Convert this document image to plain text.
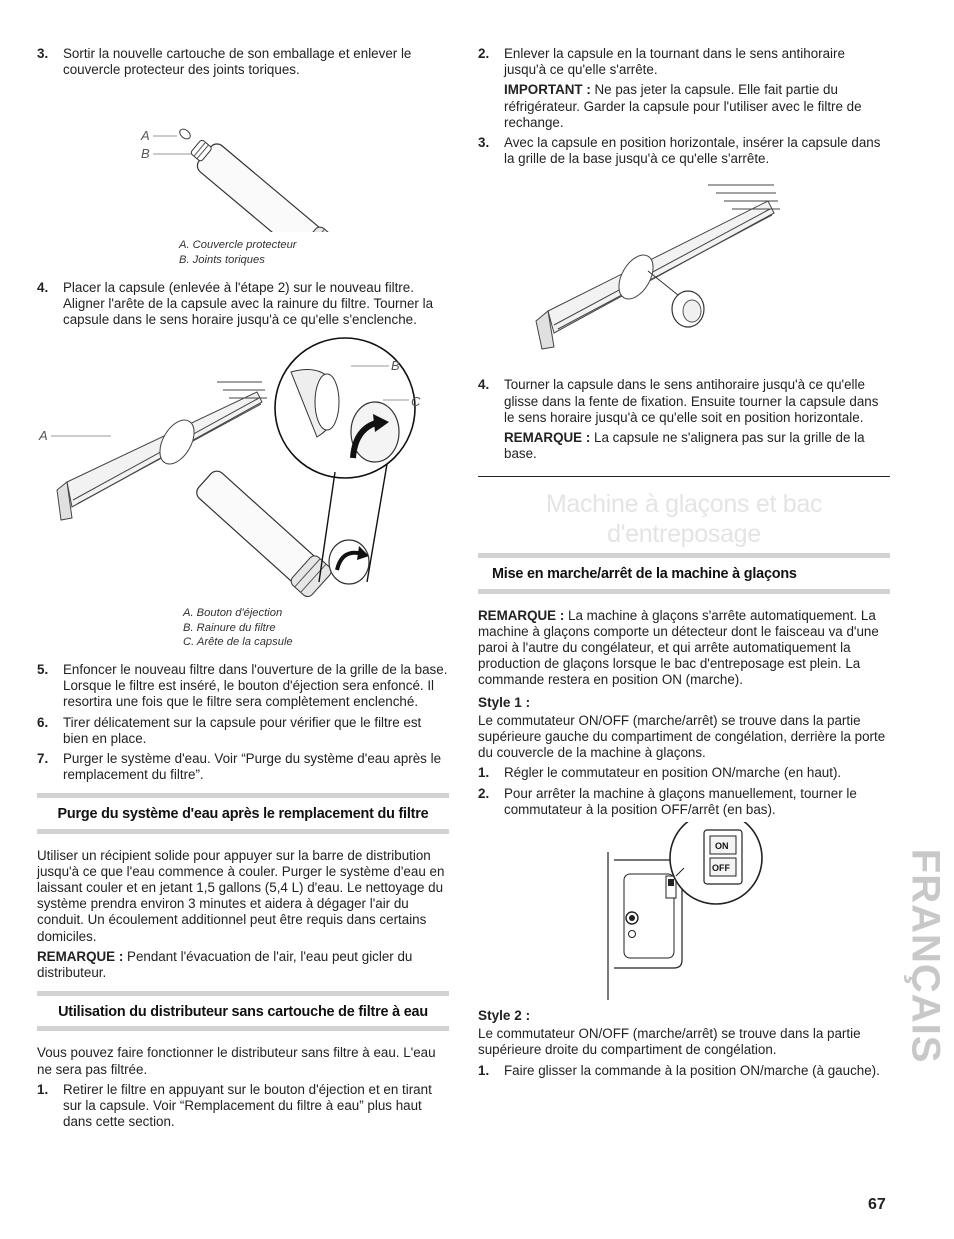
3.	Sortir la nouvelle cartouche de son emballage et enlever le couvercle protecteur des joints toriques.
A
B
A. Couvercle protecteur
B. Joints toriques
4.	Placer la capsule (enlevée à l'étape 2) sur le nouveau filtre. Aligner l'arête de la capsule avec la rainure du filtre. Tourner la capsule dans le sens horaire jusqu'à ce qu'elle s'enclenche.
A
B
C
A. Bouton d'éjection
B. Rainure du filtre
C. Arête de la capsule
5.	Enfoncer le nouveau filtre dans l'ouverture de la grille de la base. Lorsque le filtre est inséré, le bouton d'éjection sera enfoncé. Il resortira une fois que le filtre sera complètement enclenché.
6.	Tirer délicatement sur la capsule pour vérifier que le filtre est bien en place.
7.	Purger le système d'eau. Voir “Purge du système d'eau après le remplacement du filtre”.
Purge du système d'eau après le remplacement du filtre
Utiliser un récipient solide pour appuyer sur la barre de distribution jusqu'à ce que l'eau commence à couler. Purger le système d'eau en laissant couler et en jetant 1,5 gallons (5,4 L) d'eau. Le nettoyage du système prendra environ 3 minutes et aidera à dégager l'air du conduit. Un écoulement additionnel peut être requis dans certains domiciles.
REMARQUE : Pendant l'évacuation de l'air, l'eau peut gicler du distributeur.
Utilisation du distributeur sans cartouche de filtre à eau
Vous pouvez faire fonctionner le distributeur sans filtre à eau. L'eau ne sera pas filtrée.
1.	Retirer le filtre en appuyant sur le bouton d'éjection et en tirant sur la capsule. Voir “Remplacement du filtre à eau” plus haut dans cette section.
2.	Enlever la capsule en la tournant dans le sens antihoraire jusqu'à ce qu'elle s'arrête.
IMPORTANT : Ne pas jeter la capsule. Elle fait partie du réfrigérateur. Garder la capsule pour l'utiliser avec le filtre de rechange.
3.	Avec la capsule en position horizontale, insérer la capsule dans la grille de la base jusqu'à ce qu'elle s'arrête.
4.	Tourner la capsule dans le sens antihoraire jusqu'à ce qu'elle glisse dans la fente de fixation. Ensuite tourner la capsule dans le sens horaire jusqu'à ce qu'elle soit en position horizontale.
REMARQUE : La capsule ne s'alignera pas sur la grille de la base.
Machine à glaçons et bac d'entreposage
Mise en marche/arrêt de la machine à glaçons
REMARQUE : La machine à glaçons s'arrête automatiquement. La machine à glaçons comporte un détecteur dont le faisceau va d'une paroi à l'autre du congélateur, et qui arrête automatiquement la production de glaçons lorsque le bac d'entreposage est plein. La commande restera en position ON (marche).
Style 1 :
Le commutateur ON/OFF (marche/arrêt) se trouve dans la partie supérieure gauche du compartiment de congélation, derrière la porte du couvercle de la machine à glaçons.
1.	Régler le commutateur en position ON/marche (en haut).
2.	Pour arrêter la machine à glaçons manuellement, tourner le commutateur à la position OFF/arrêt (en bas).
ON
OFF
Style 2 :
Le commutateur ON/OFF (marche/arrêt) se trouve dans la partie supérieure droite du compartiment de congélation.
1.	Faire glisser la commande à la position ON/marche (à gauche).
FRANÇAIS
67
